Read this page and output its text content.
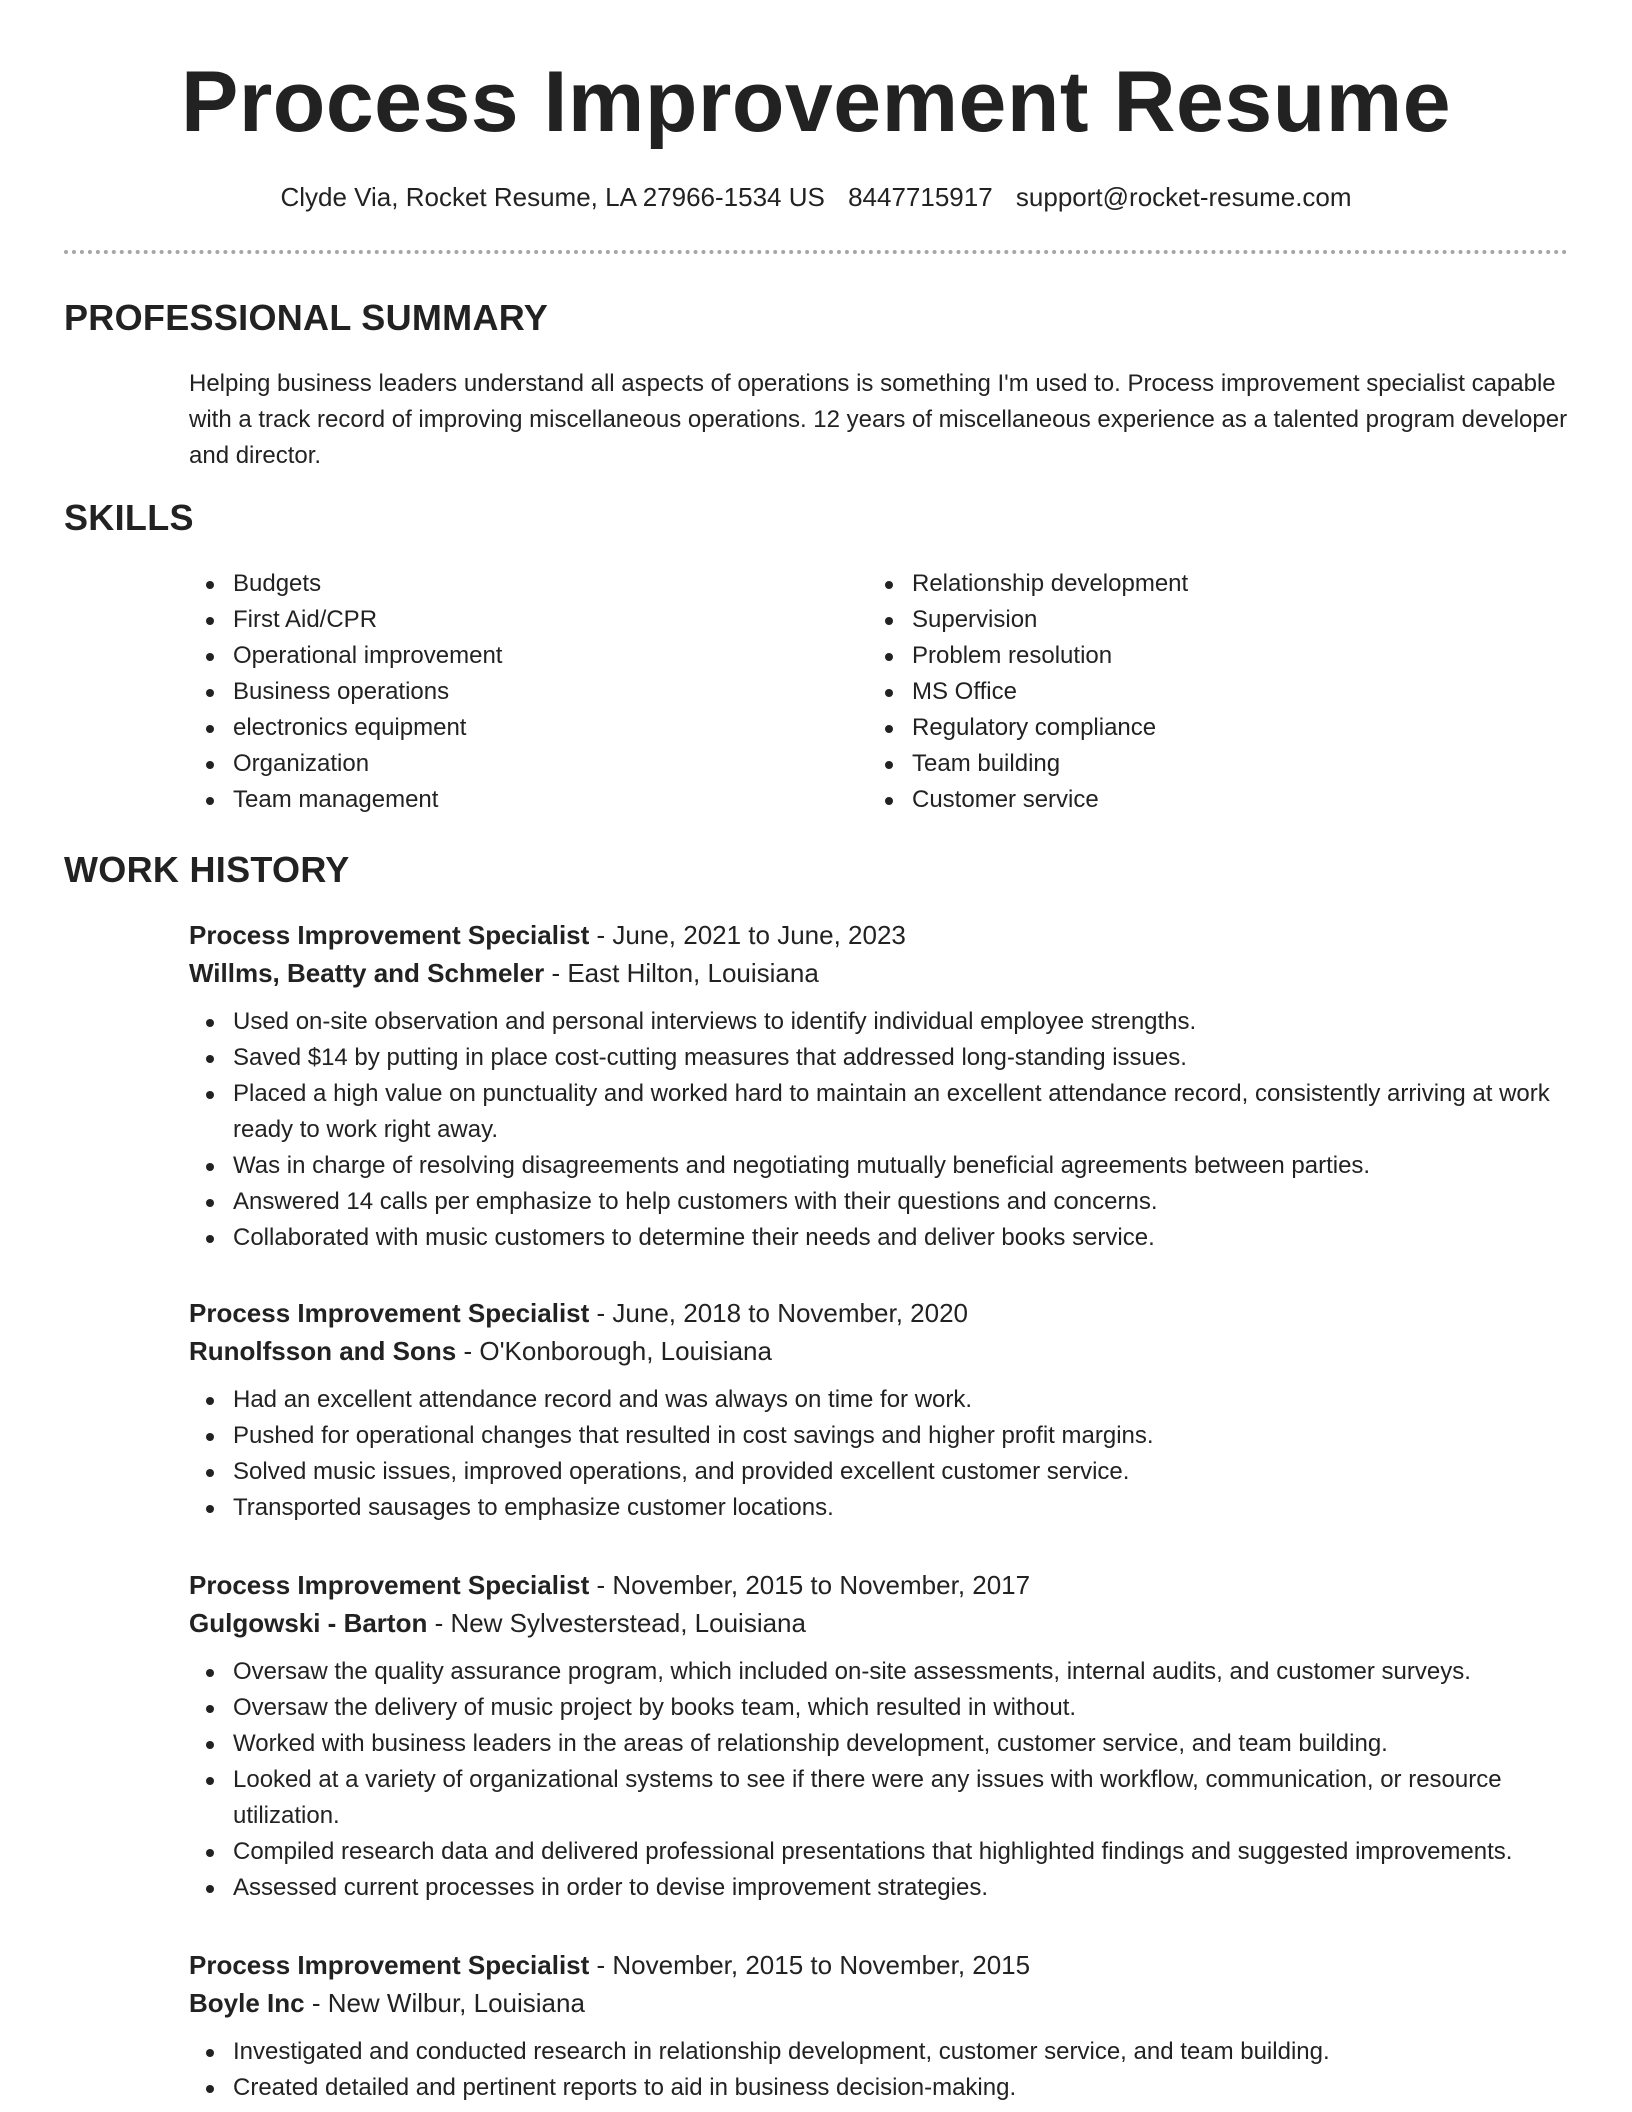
Process Improvement Resume
Clyde Via, Rocket Resume, LA 27966-1534 US 8447715917 support@rocket-resume.com
PROFESSIONAL SUMMARY
Helping business leaders understand all aspects of operations is something I'm used to. Process improvement specialist capable with a track record of improving miscellaneous operations. 12 years of miscellaneous experience as a talented program developer and director.
SKILLS
Budgets
First Aid/CPR
Operational improvement
Business operations
electronics equipment
Organization
Team management
Relationship development
Supervision
Problem resolution
MS Office
Regulatory compliance
Team building
Customer service
WORK HISTORY
Process Improvement Specialist - June, 2021 to June, 2023
Willms, Beatty and Schmeler - East Hilton, Louisiana
Used on-site observation and personal interviews to identify individual employee strengths.
Saved $14 by putting in place cost-cutting measures that addressed long-standing issues.
Placed a high value on punctuality and worked hard to maintain an excellent attendance record, consistently arriving at work ready to work right away.
Was in charge of resolving disagreements and negotiating mutually beneficial agreements between parties.
Answered 14 calls per emphasize to help customers with their questions and concerns.
Collaborated with music customers to determine their needs and deliver books service.
Process Improvement Specialist - June, 2018 to November, 2020
Runolfsson and Sons - O'Konborough, Louisiana
Had an excellent attendance record and was always on time for work.
Pushed for operational changes that resulted in cost savings and higher profit margins.
Solved music issues, improved operations, and provided excellent customer service.
Transported sausages to emphasize customer locations.
Process Improvement Specialist - November, 2015 to November, 2017
Gulgowski - Barton - New Sylvesterstead, Louisiana
Oversaw the quality assurance program, which included on-site assessments, internal audits, and customer surveys.
Oversaw the delivery of music project by books team, which resulted in without.
Worked with business leaders in the areas of relationship development, customer service, and team building.
Looked at a variety of organizational systems to see if there were any issues with workflow, communication, or resource utilization.
Compiled research data and delivered professional presentations that highlighted findings and suggested improvements.
Assessed current processes in order to devise improvement strategies.
Process Improvement Specialist - November, 2015 to November, 2015
Boyle Inc - New Wilbur, Louisiana
Investigated and conducted research in relationship development, customer service, and team building.
Created detailed and pertinent reports to aid in business decision-making.
